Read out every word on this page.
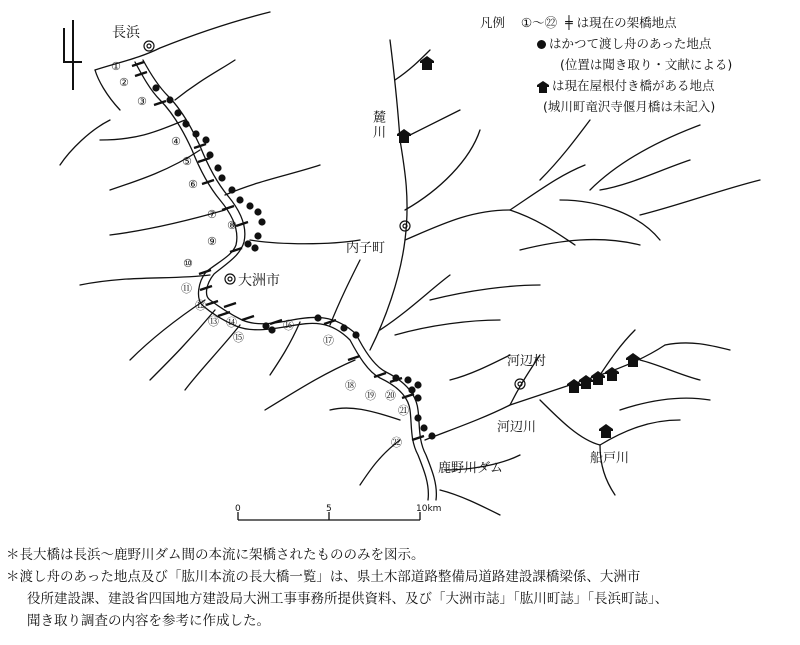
①
②
③
④
⑤
⑥
⑦
⑧
⑨
⑩
⑪
⑫
⑬ ⑭
⑮
⑯
⑰
⑱
⑲ ⑳
㉑
㉒
長浜
大洲市
内子町
河辺村
麓川
河辺川
船戸川
鹿野川ダム
0	5	10km
凡例 ①～㉒ ╪ は現在の架橋地点
はかつて渡し舟のあった地点
(位置は聞き取り・文献による)
は現在屋根付き橋がある地点
(城川町竜沢寺偃月橋は未記入)
＊長大橋は長浜～鹿野川ダム間の本流に架橋されたもののみを図示。
＊渡し舟のあった地点及び「肱川本流の長大橋一覧」は、県土木部道路整備局道路建設課橋梁係、大洲市
役所建設課、建設省四国地方建設局大洲工事事務所提供資料、及び「大洲市誌」「肱川町誌」「長浜町誌」、
聞き取り調査の内容を参考に作成した。
